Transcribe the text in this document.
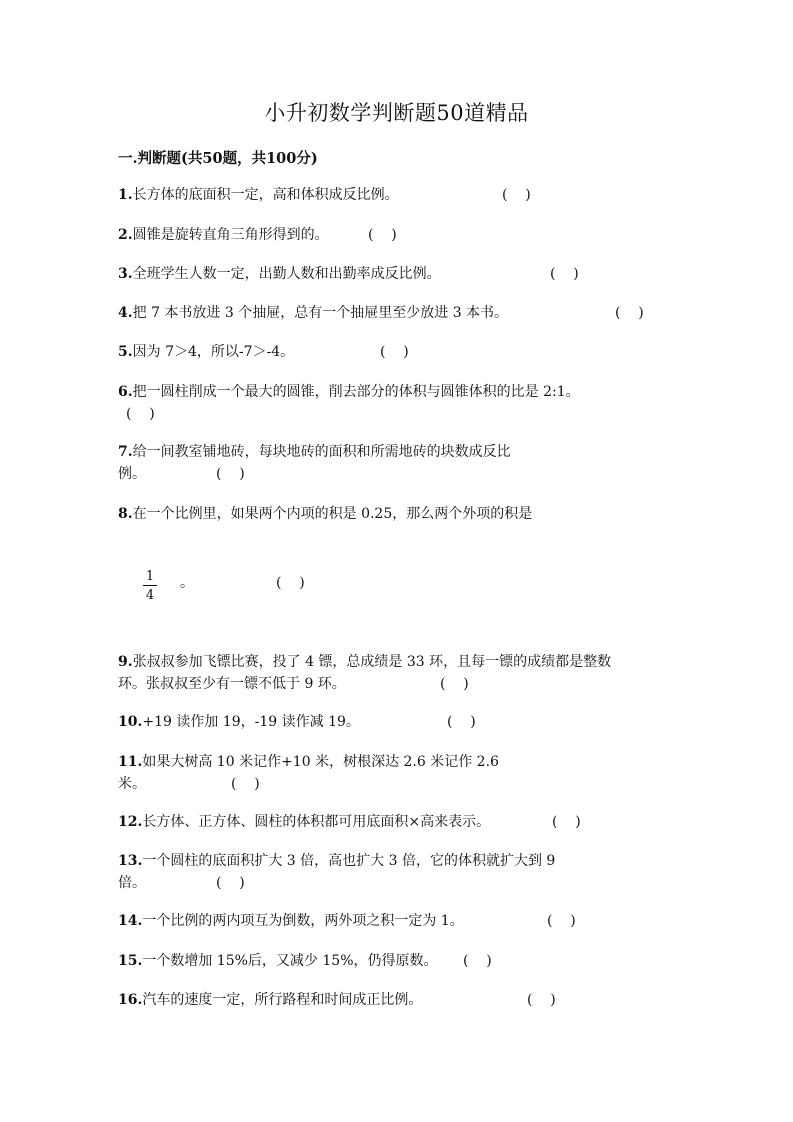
小升初数学判断题50道精品
一.判断题(共50题，共100分)
1.长方体的底面积一定，高和体积成反比例。	(    )
2.圆锥是旋转直角三角形得到的。	(    )
3.全班学生人数一定，出勤人数和出勤率成反比例。	(    )
4.把 7 本书放进 3 个抽屉，总有一个抽屉里至少放进 3 本书。	(    )
5.因为 7＞4，所以-7＞-4。	(    )
6.把一圆柱削成一个最大的圆锥，削去部分的体积与圆锥体积的比是 2:1。
(    )
7.给一间教室铺地砖，每块地砖的面积和所需地砖的块数成反比
例。	(    )
8.在一个比例里，如果两个内项的积是 0.25，那么两个外项的积是
1
4
。	(    )
9.张叔叔参加飞镖比赛，投了 4 镖，总成绩是 33 环，且每一镖的成绩都是整数
环。张叔叔至少有一镖不低于 9 环。	(    )
10.+19 读作加 19，-19 读作减 19。	(    )
11.如果大树高 10 米记作+10 米，树根深达 2.6 米记作 2.6
米。	(    )
12.长方体、正方体、圆柱的体积都可用底面积×高来表示。	(    )
13.一个圆柱的底面积扩大 3 倍，高也扩大 3 倍，它的体积就扩大到 9
倍。	(    )
14.一个比例的两内项互为倒数，两外项之积一定为 1。	(    )
15.一个数增加 15%后，又减少 15%，仍得原数。 (    )
16.汽车的速度一定，所行路程和时间成正比例。	(    )
